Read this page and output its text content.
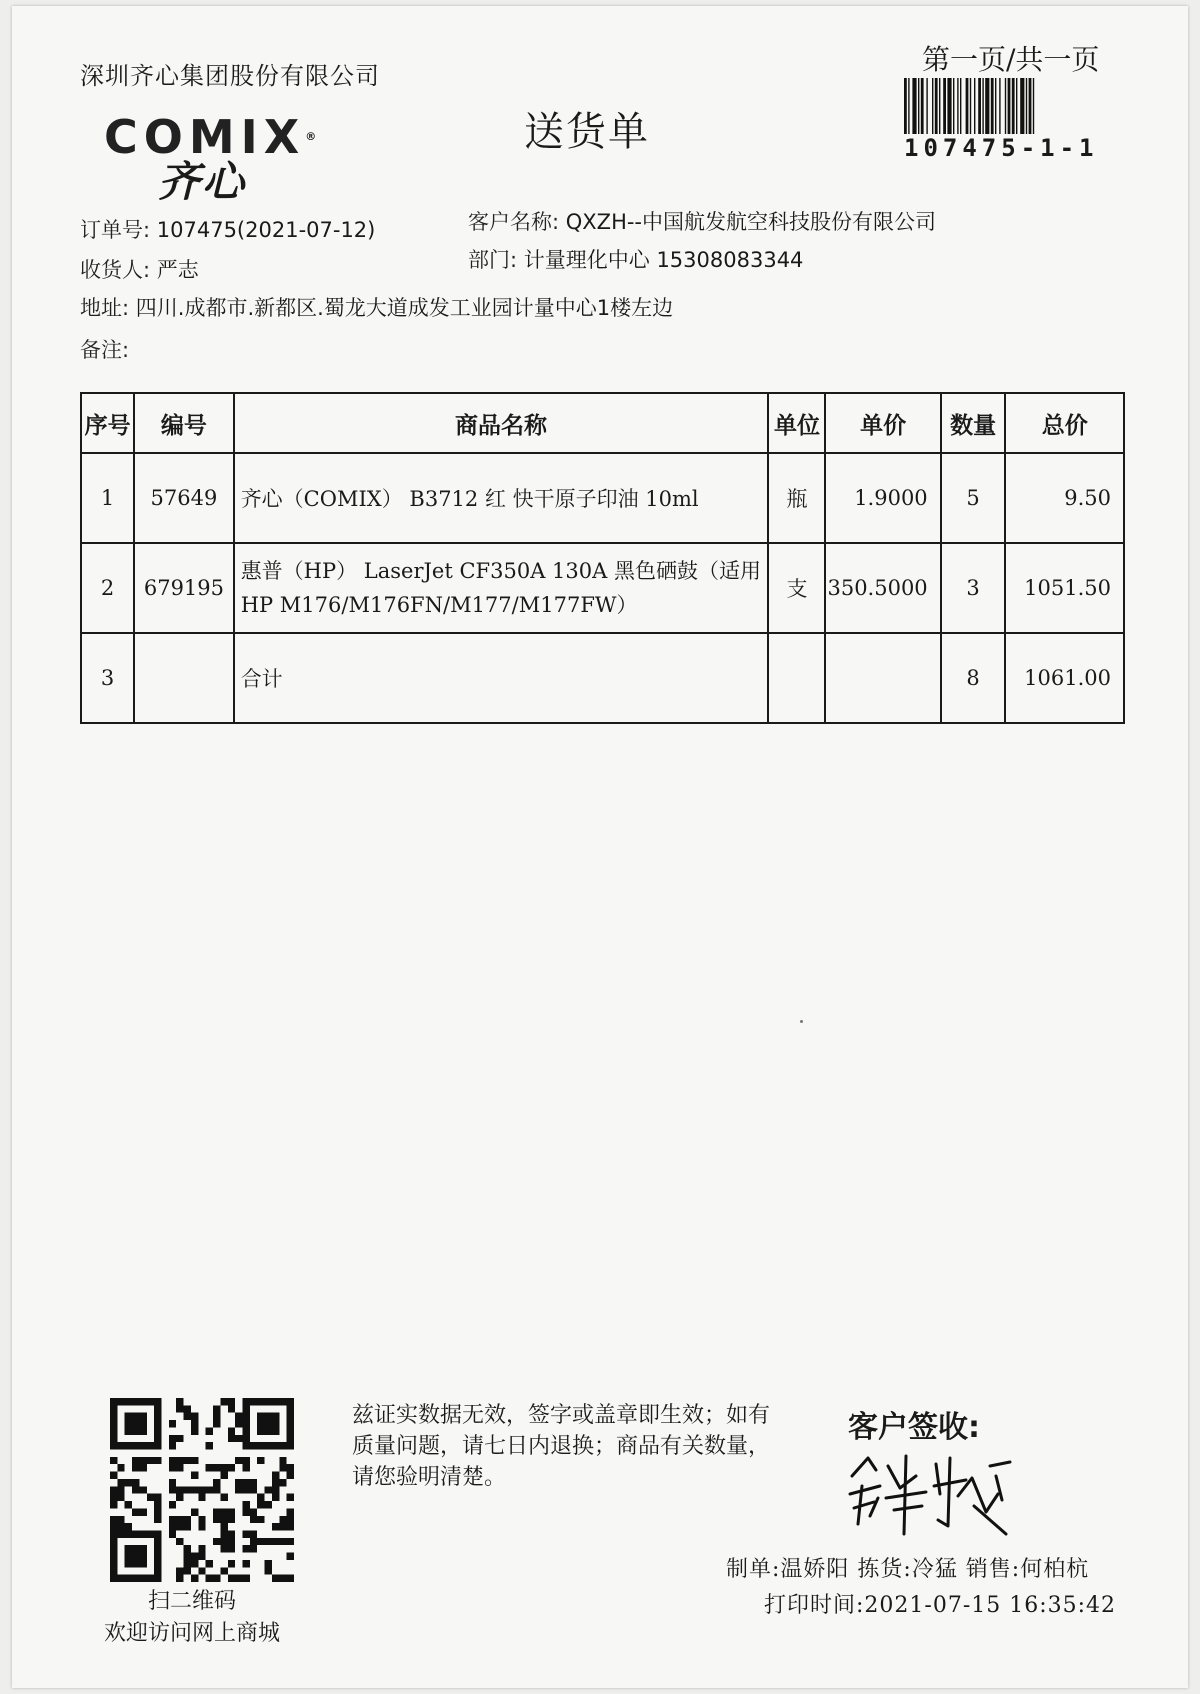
深圳齐心集团股份有限公司	第一页/共一页
COMIX®
齐心
送货单	107475-1-1
订单号: 107475(2021-07-12)	客户名称: QXZH--中国航发航空科技股份有限公司
收货人: 严志	部门: 计量理化中心 15308083344
地址: 四川.成都市.新都区.蜀龙大道成发工业园计量中心1楼左边
备注:
序号	编号	商品名称	单位	单价	数量	总价
1	57649	齐心（COMIX） B3712 红 快干原子印油 10ml	瓶	1.9000	5	9.50
2	679195	惠普（HP） LaserJet CF350A 130A 黑色硒鼓（适用HP M176/M176FN/M177/M177FW）	支	350.5000	3	1051.50
3		合计			8	1061.00
扫二维码
欢迎访问网上商城
兹证实数据无效，签字或盖章即生效；如有质量问题，请七日内退换；商品有关数量，请您验明清楚。
客户签收:
制单:温娇阳 拣货:冷猛 销售:何柏杭
打印时间:2021-07-15 16:35:42
